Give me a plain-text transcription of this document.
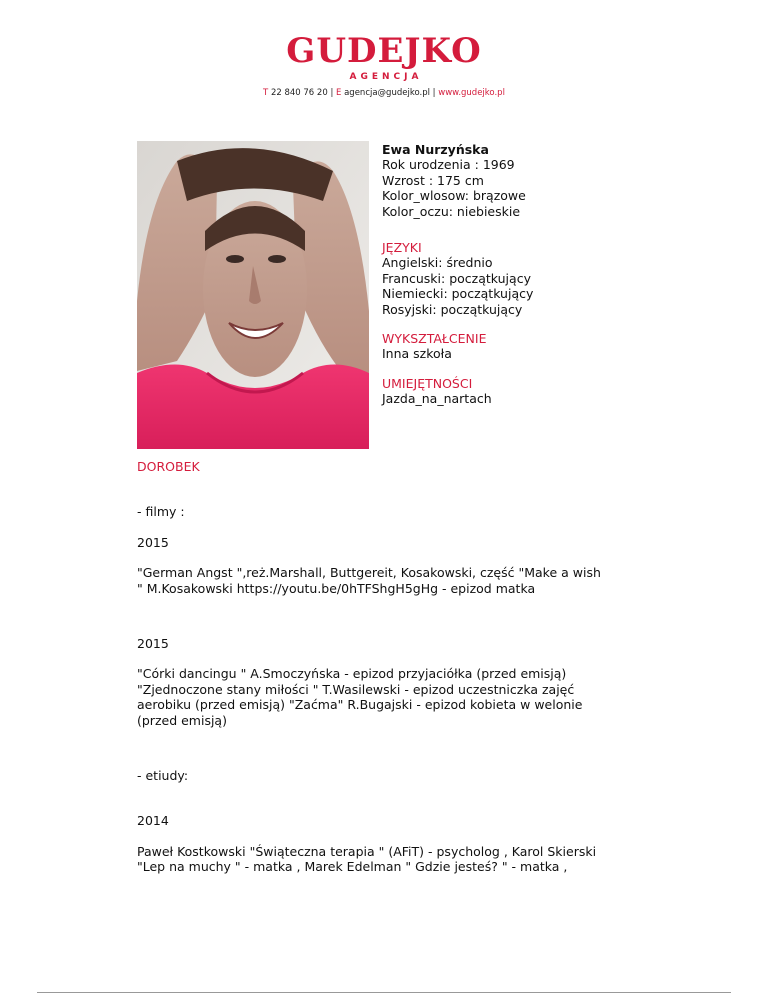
GUDEJKO
AGENCJA
T 22 840 76 20 | E agencja@gudejko.pl | www.gudejko.pl
Ewa Nurzyńska
Rok urodzenia : 1969
Wzrost : 175 cm
Kolor_wlosow: brązowe
Kolor_oczu: niebieskie
JĘZYKI
Angielski: średnio
Francuski: początkujący
Niemiecki: początkujący
Rosyjski: początkujący
WYKSZTAŁCENIE
Inna szkoła
UMIEJĘTNOŚCI
Jazda_na_nartach

DOROBEK

- filmy :

2015

"German Angst ",reż.Marshall, Buttgereit, Kosakowski, część "Make a wish

" M.Kosakowski https://youtu.be/0hTFShgH5gHg - epizod matka

2015

"Córki dancingu " A.Smoczyńska - epizod przyjaciółka (przed emisją)

"Zjednoczone stany miłości " T.Wasilewski - epizod uczestniczka zajęć

aerobiku (przed emisją) "Zaćma" R.Bugajski - epizod kobieta w welonie

(przed emisją)

- etiudy:

2014

Paweł Kostkowski "Świąteczna terapia " (AFiT) - psycholog , Karol Skierski

"Lep na muchy " - matka , Marek Edelman " Gdzie jesteś? " - matka ,
